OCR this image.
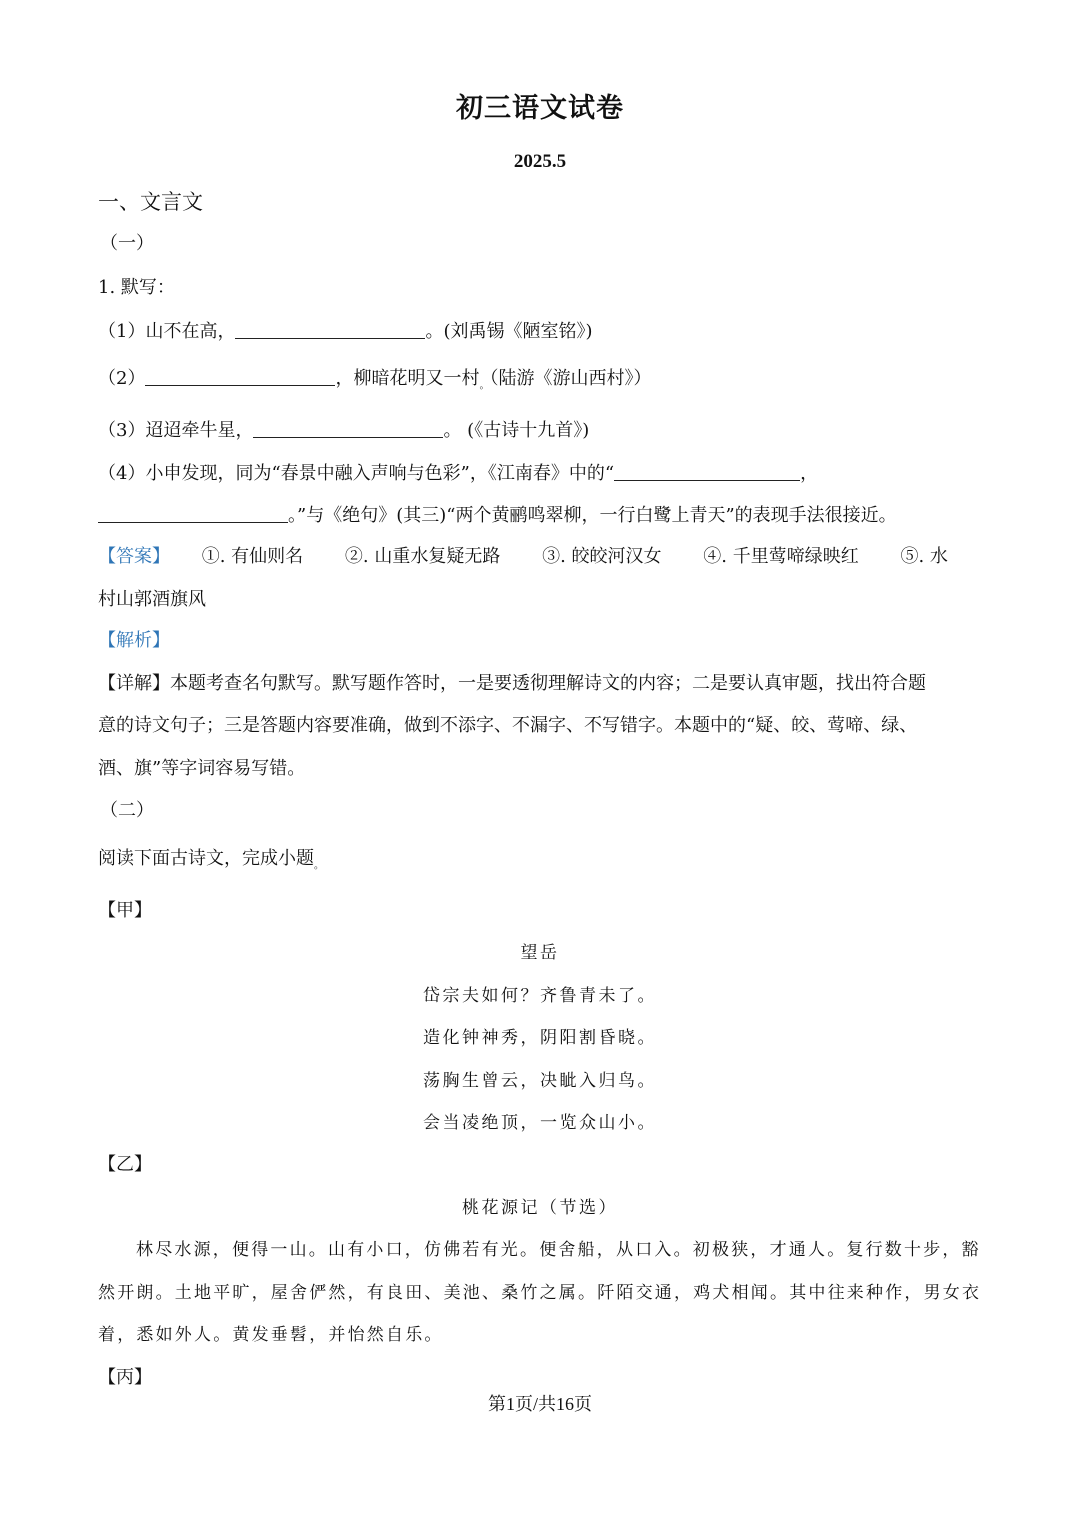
初三语文试卷
2025.5
一、文言文
（一）
1. 默写：
（1）山不在高，	。(刘禹锡《陋室铭》)
（2）	，柳暗花明又一村$_。$（陆游《游山西村》）
（3）迢迢牵牛星，	。 (《古诗十九首》)
（4）小申发现，同为“春景中融入声响与色彩”，《江南春》中的“	，
。”与《绝句》(其三)“两个黄鹂鸣翠柳，一行白鹭上青天”的表现手法很接近。
【答案】 ①. 有仙则名 ②. 山重水复疑无路 ③. 皎皎河汉女 ④. 千里莺啼绿映红 ⑤. 水
村山郭酒旗风
【解析】
【详解】本题考查名句默写。默写题作答时，一是要透彻理解诗文的内容；二是要认真审题，找出符合题
意的诗文句子；三是答题内容要准确，做到不添字、不漏字、不写错字。本题中的“疑、皎、莺啼、绿、
酒、旗”等字词容易写错。
（二）
阅读下面古诗文，完成小题$_。$
【甲】
望岳
岱宗夫如何？齐鲁青未了。
造化钟神秀，阴阳割昏晓。
荡胸生曾云，决眦入归鸟。
会当凌绝顶，一览众山小。
【乙】
桃花源记（节选）
林尽水源，便得一山。山有小口，仿佛若有光。便舍船，从口入。初极狭，才通人。复行数十步，豁
然开朗。土地平旷，屋舍俨然，有良田、美池、桑竹之属。阡陌交通，鸡犬相闻。其中往来种作，男女衣
着，悉如外人。黄发垂髫，并怡然自乐。
【丙】
第1页/共16页
